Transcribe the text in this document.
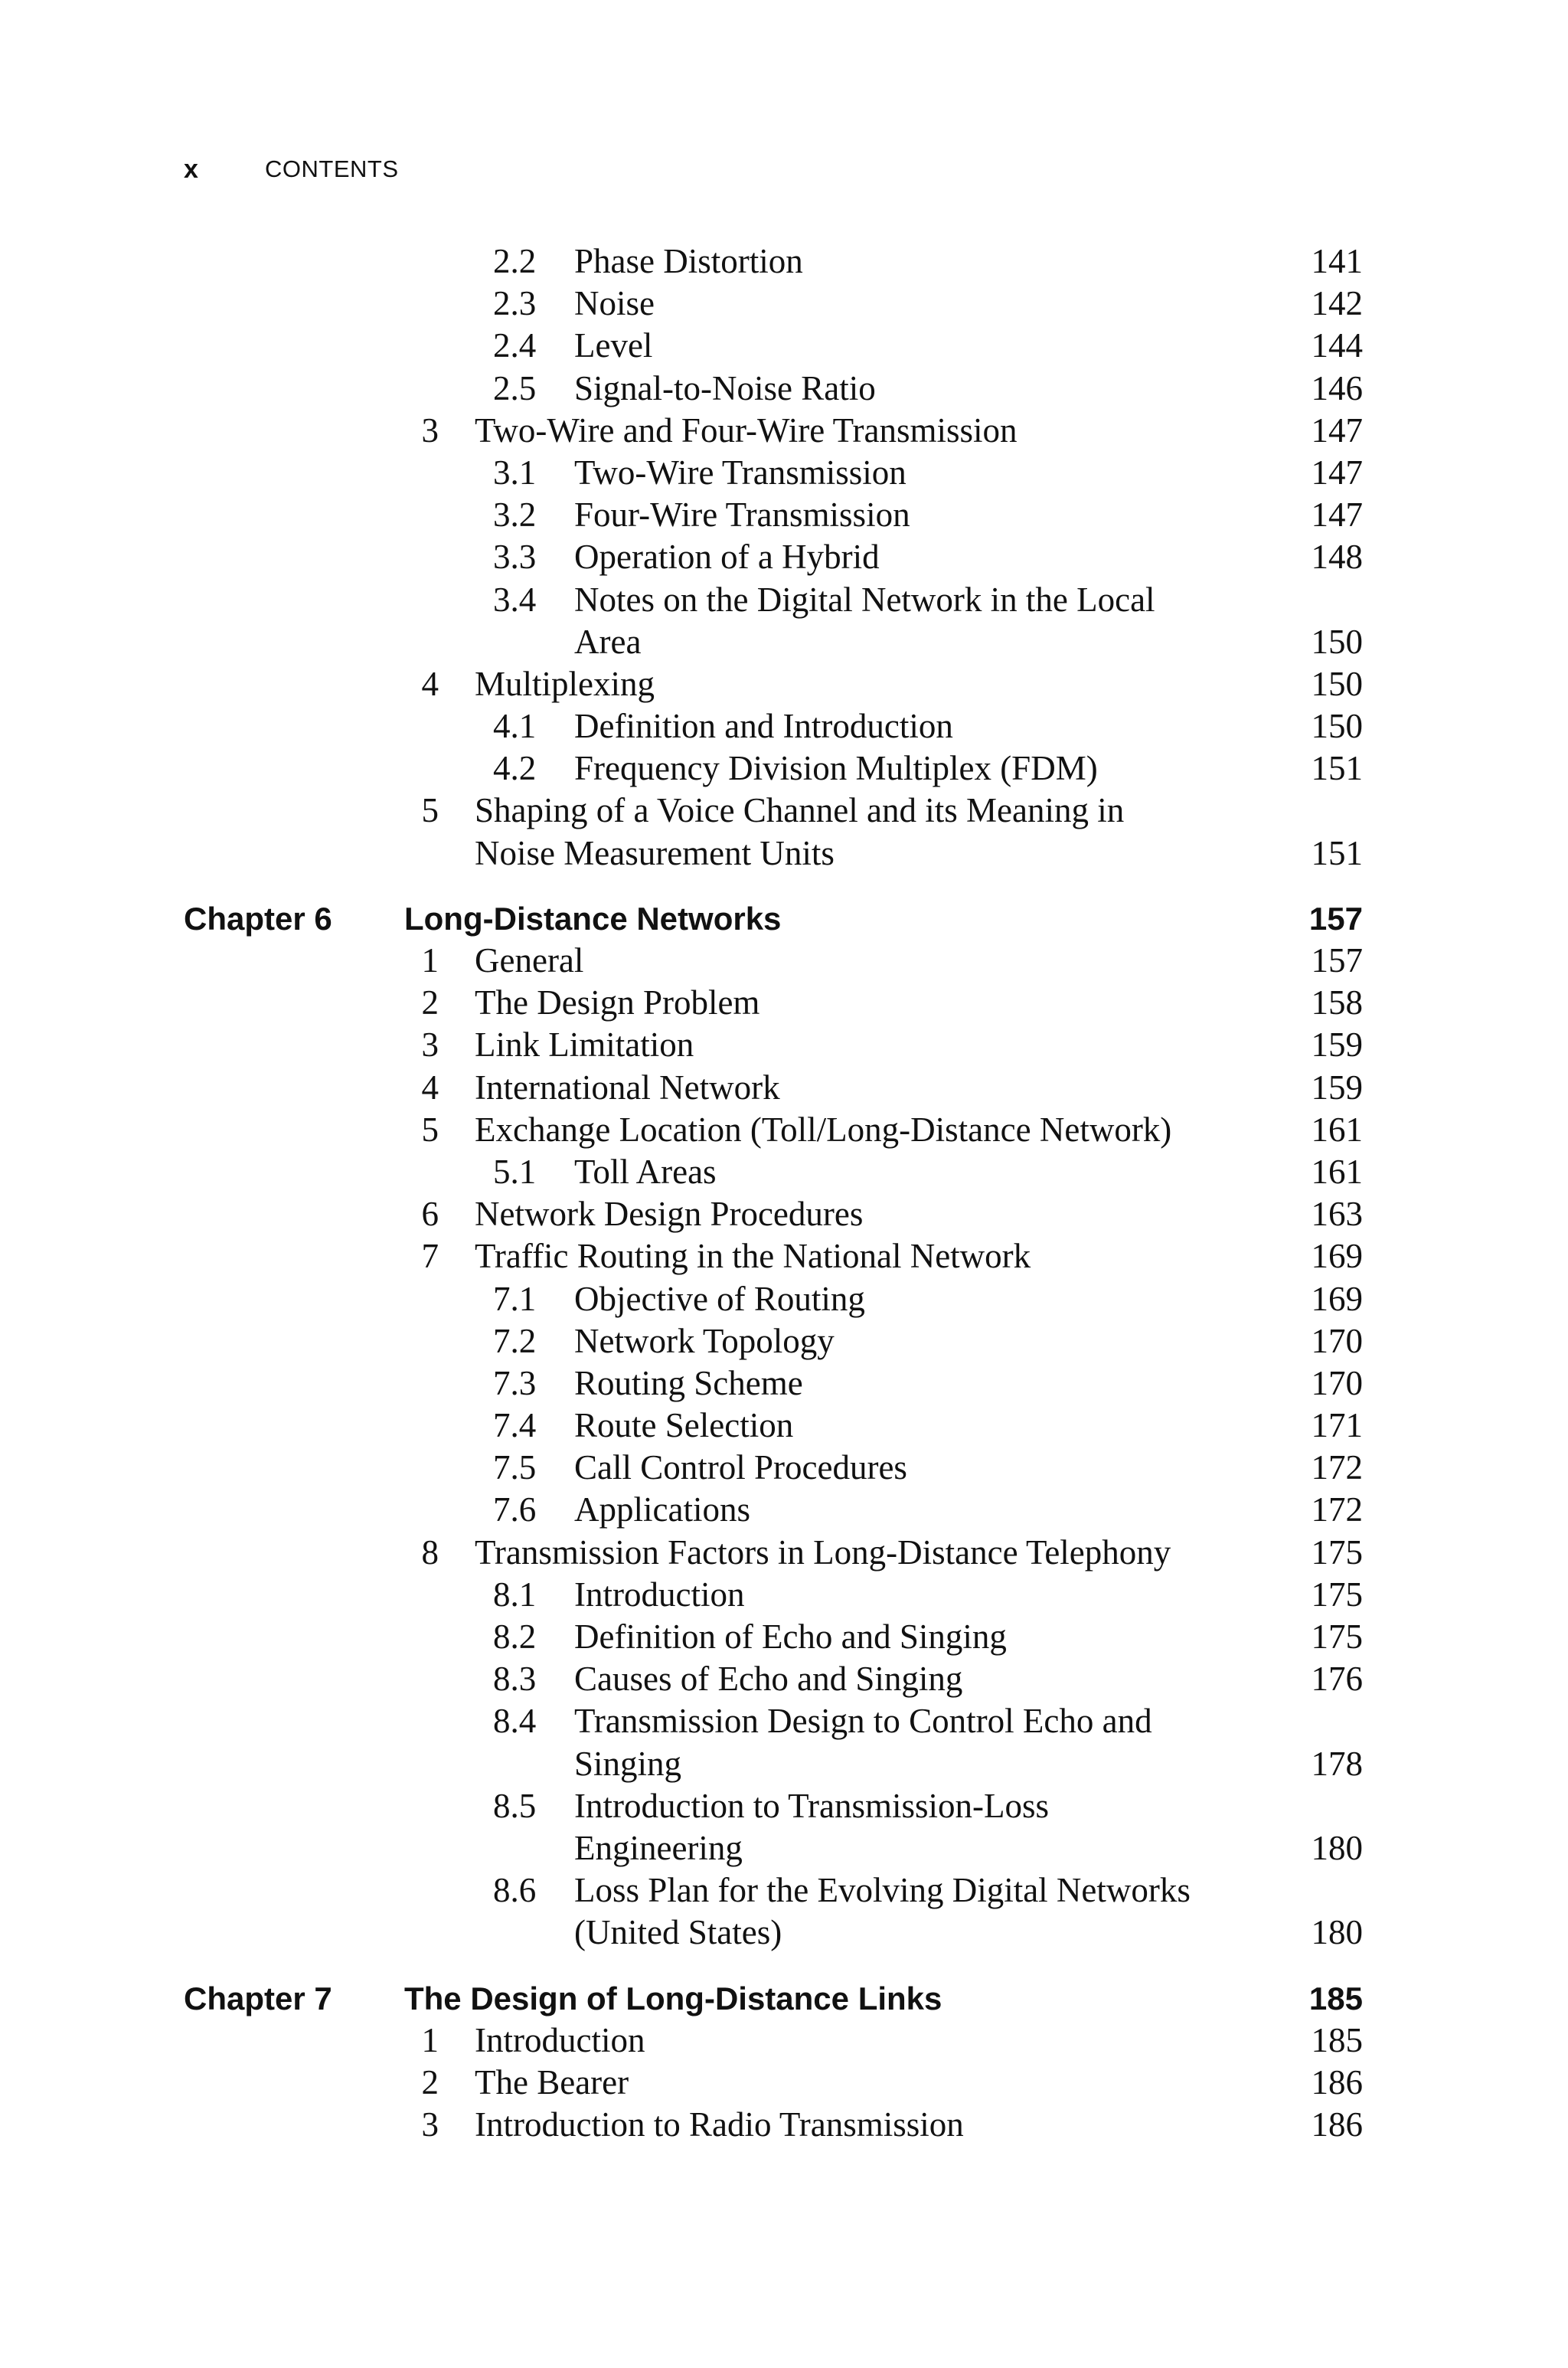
x	CONTENTS
2.2 Phase Distortion	141
2.3 Noise	142
2.4 Level	144
2.5 Signal-to-Noise Ratio	146
3 Two-Wire and Four-Wire Transmission	147
3.1 Two-Wire Transmission	147
3.2 Four-Wire Transmission	147
3.3 Operation of a Hybrid	148
3.4 Notes on the Digital Network in the Local
Area	150
4 Multiplexing	150
4.1 Definition and Introduction	150
4.2 Frequency Division Multiplex (FDM)	151
5 Shaping of a Voice Channel and its Meaning in
Noise Measurement Units	151
Chapter 6 Long-Distance Networks	157
1 General	157
2 The Design Problem	158
3 Link Limitation	159
4 International Network	159
5 Exchange Location (Toll/Long-Distance Network)	161
5.1 Toll Areas	161
6 Network Design Procedures	163
7 Traffic Routing in the National Network	169
7.1 Objective of Routing	169
7.2 Network Topology	170
7.3 Routing Scheme	170
7.4 Route Selection	171
7.5 Call Control Procedures	172
7.6 Applications	172
8 Transmission Factors in Long-Distance Telephony	175
8.1 Introduction	175
8.2 Definition of Echo and Singing	175
8.3 Causes of Echo and Singing	176
8.4 Transmission Design to Control Echo and
Singing	178
8.5 Introduction to Transmission-Loss
Engineering	180
8.6 Loss Plan for the Evolving Digital Networks
(United States)	180
Chapter 7 The Design of Long-Distance Links	185
1 Introduction	185
2 The Bearer	186
3 Introduction to Radio Transmission	186
